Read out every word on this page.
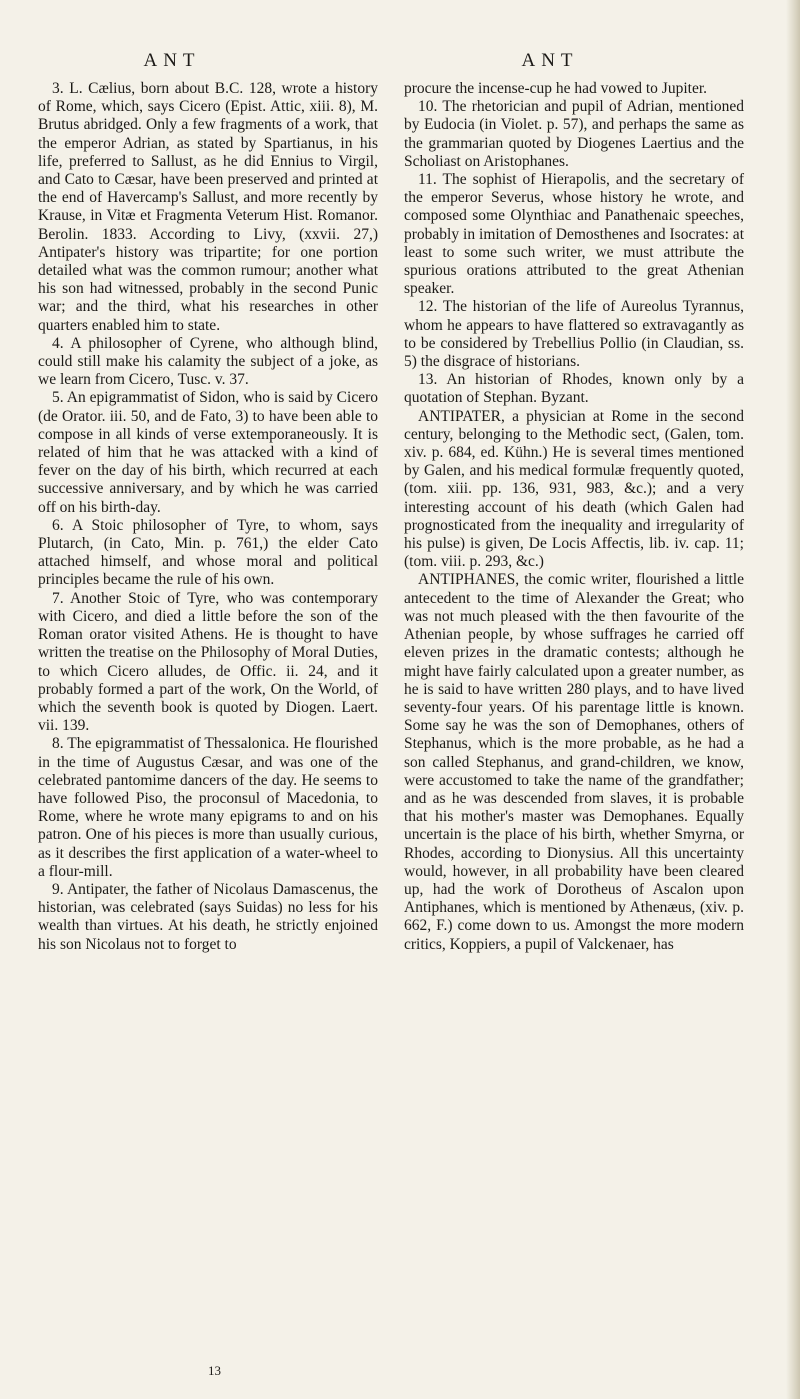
ANT	ANT

3. L. Cælius, born about B.C. 128, wrote a history of Rome, which, says Cicero (Epist. Attic, xiii. 8), M. Brutus abridged. Only a few fragments of a work, that the emperor Adrian, as stated by Spartianus, in his life, preferred to Sallust, as he did Ennius to Virgil, and Cato to Cæsar, have been preserved and printed at the end of Havercamp's Sallust, and more recently by Krause, in Vitæ et Fragmenta Veterum Hist. Romanor. Berolin. 1833. According to Livy, (xxvii. 27,) Antipater's history was tripartite; for one portion detailed what was the common rumour; another what his son had witnessed, probably in the second Punic war; and the third, what his researches in other quarters enabled him to state.

4. A philosopher of Cyrene, who although blind, could still make his calamity the subject of a joke, as we learn from Cicero, Tusc. v. 37.

5. An epigrammatist of Sidon, who is said by Cicero (de Orator. iii. 50, and de Fato, 3) to have been able to compose in all kinds of verse extemporaneously. It is related of him that he was attacked with a kind of fever on the day of his birth, which recurred at each successive anniversary, and by which he was carried off on his birth-day.

6. A Stoic philosopher of Tyre, to whom, says Plutarch, (in Cato, Min. p. 761,) the elder Cato attached himself, and whose moral and political principles became the rule of his own.

7. Another Stoic of Tyre, who was contemporary with Cicero, and died a little before the son of the Roman orator visited Athens. He is thought to have written the treatise on the Philosophy of Moral Duties, to which Cicero alludes, de Offic. ii. 24, and it probably formed a part of the work, On the World, of which the seventh book is quoted by Diogen. Laert. vii. 139.

8. The epigrammatist of Thessalonica. He flourished in the time of Augustus Cæsar, and was one of the celebrated pantomime dancers of the day. He seems to have followed Piso, the proconsul of Macedonia, to Rome, where he wrote many epigrams to and on his patron. One of his pieces is more than usually curious, as it describes the first application of a water-wheel to a flour-mill.

9. Antipater, the father of Nicolaus Damascenus, the historian, was celebrated (says Suidas) no less for his wealth than virtues. At his death, he strictly enjoined his son Nicolaus not to forget to

procure the incense-cup he had vowed to Jupiter.

10. The rhetorician and pupil of Adrian, mentioned by Eudocia (in Violet. p. 57), and perhaps the same as the grammarian quoted by Diogenes Laertius and the Scholiast on Aristophanes.

11. The sophist of Hierapolis, and the secretary of the emperor Severus, whose history he wrote, and composed some Olynthiac and Panathenaic speeches, probably in imitation of Demosthenes and Isocrates: at least to some such writer, we must attribute the spurious orations attributed to the great Athenian speaker.

12. The historian of the life of Aureolus Tyrannus, whom he appears to have flattered so extravagantly as to be considered by Trebellius Pollio (in Claudian, ss. 5) the disgrace of historians.

13. An historian of Rhodes, known only by a quotation of Stephan. Byzant.

ANTIPATER, a physician at Rome in the second century, belonging to the Methodic sect, (Galen, tom. xiv. p. 684, ed. Kühn.) He is several times mentioned by Galen, and his medical formulæ frequently quoted, (tom. xiii. pp. 136, 931, 983, &c.); and a very interesting account of his death (which Galen had prognosticated from the inequality and irregularity of his pulse) is given, De Locis Affectis, lib. iv. cap. 11; (tom. viii. p. 293, &c.)

ANTIPHANES, the comic writer, flourished a little antecedent to the time of Alexander the Great; who was not much pleased with the then favourite of the Athenian people, by whose suffrages he carried off eleven prizes in the dramatic contests; although he might have fairly calculated upon a greater number, as he is said to have written 280 plays, and to have lived seventy-four years. Of his parentage little is known. Some say he was the son of Demophanes, others of Stephanus, which is the more probable, as he had a son called Stephanus, and grand-children, we know, were accustomed to take the name of the grandfather; and as he was descended from slaves, it is probable that his mother's master was Demophanes. Equally uncertain is the place of his birth, whether Smyrna, or Rhodes, according to Dionysius. All this uncertainty would, however, in all probability have been cleared up, had the work of Dorotheus of Ascalon upon Antiphanes, which is mentioned by Athenæus, (xiv. p. 662, F.) come down to us. Amongst the more modern critics, Koppiers, a pupil of Valckenaer, has

13
